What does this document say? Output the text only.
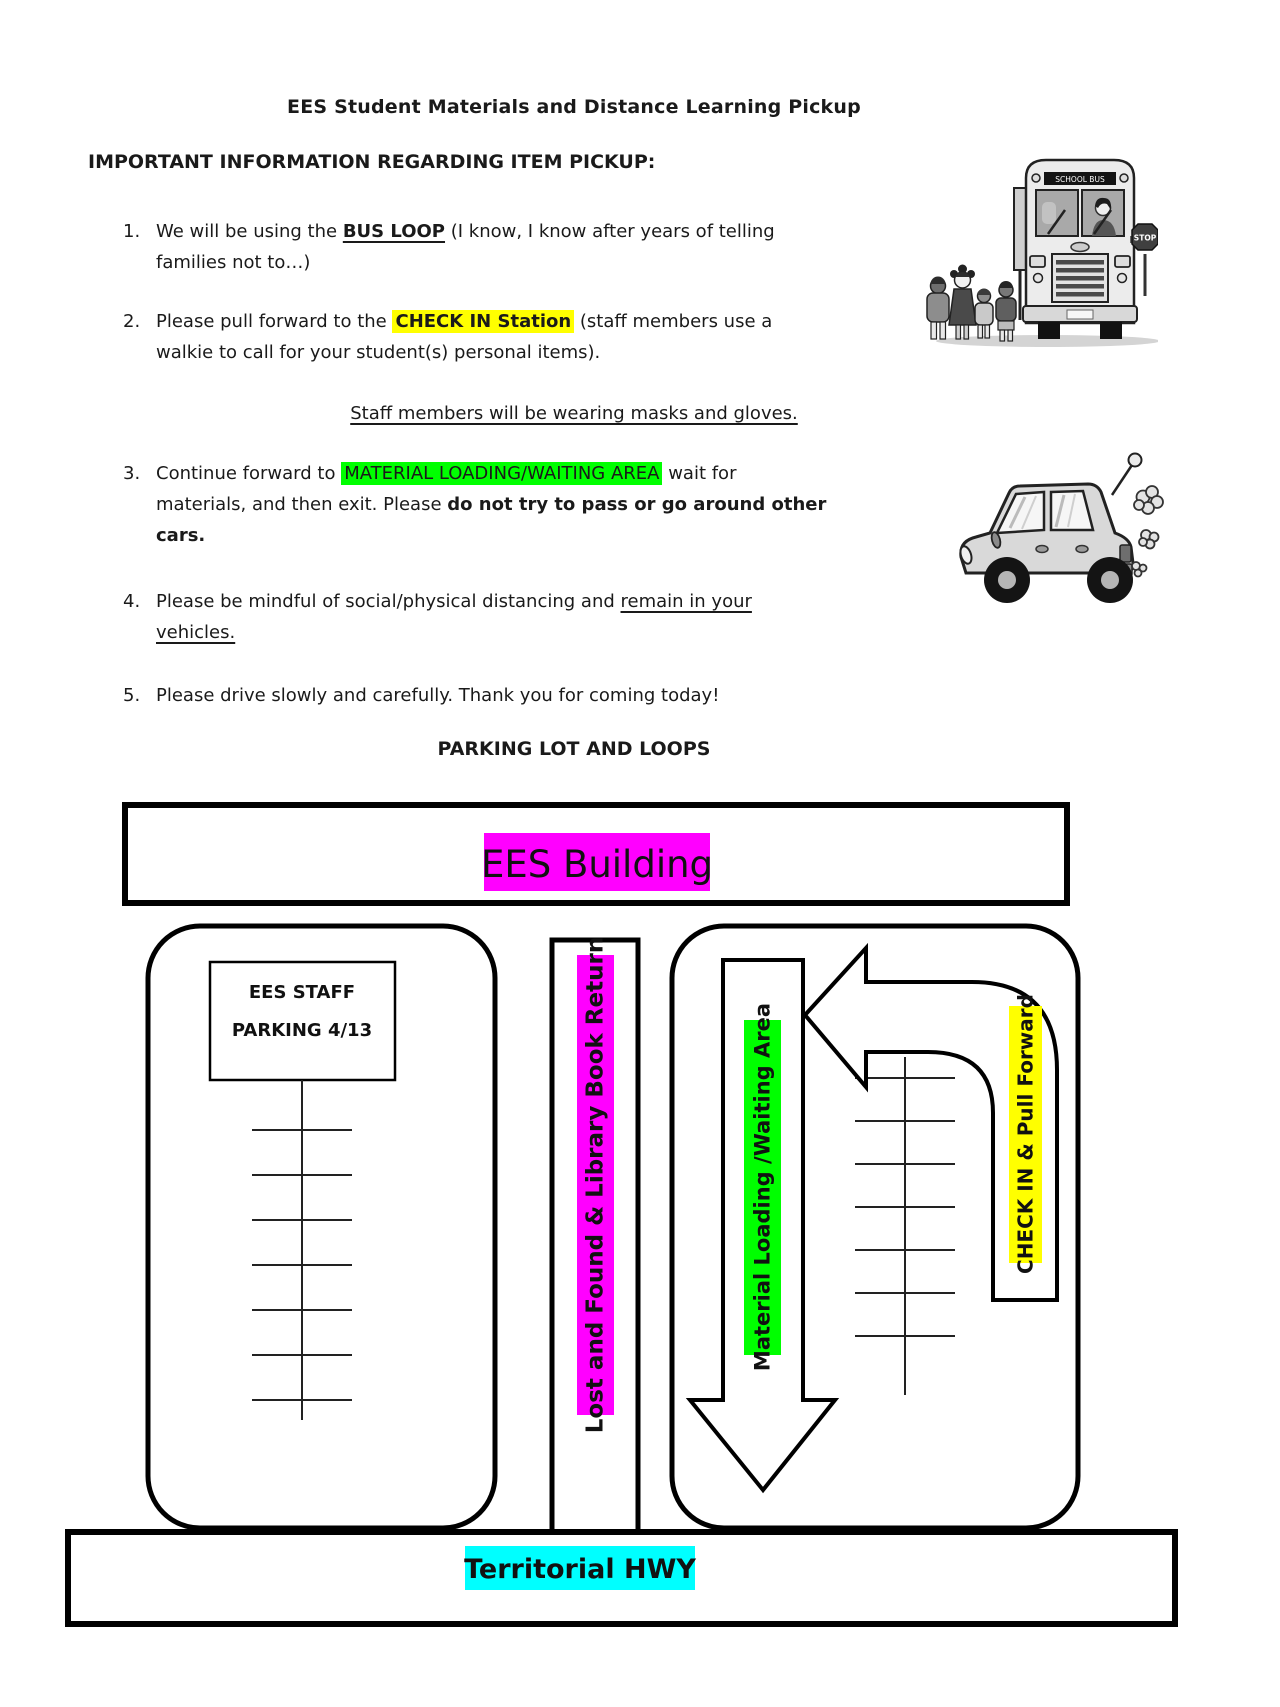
EES Student Materials and Distance Learning Pickup
IMPORTANT INFORMATION REGARDING ITEM PICKUP:
1. We will be using the BUS LOOP (I know, I know after years of telling
families not to…)
2. Please pull forward to the CHECK IN Station (staff members use a
walkie to call for your student(s) personal items).
Staff members will be wearing masks and gloves.
3. Continue forward to MATERIAL LOADING/WAITING AREA wait for
materials, and then exit. Please do not try to pass or go around other
cars.
4. Please be mindful of social/physical distancing and remain in your
vehicles.
5. Please drive slowly and carefully. Thank you for coming today!
PARKING LOT AND LOOPS
SCHOOL BUS
STOP
EES Building
EES STAFF
PARKING 4/13	Lost and Found & Library Book Return	CHECK IN & Pull Forward
Material Loading /Waiting Area
Territorial HWY
